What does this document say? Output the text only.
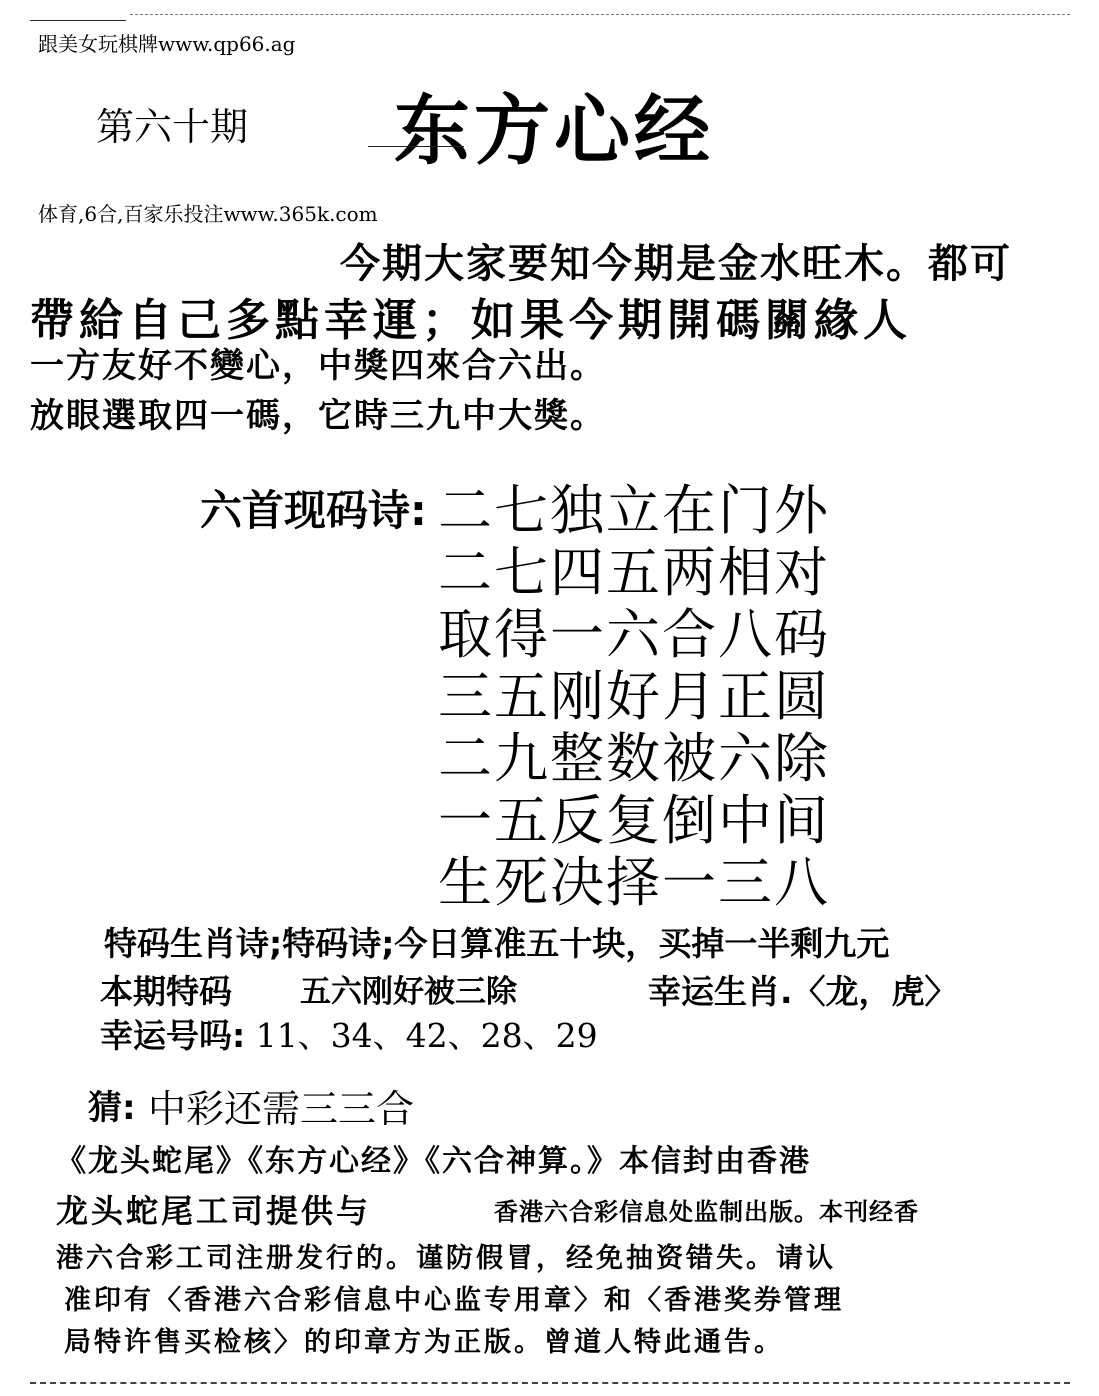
跟美女玩棋牌www.qp66.ag
第六十期 东方心经
体育,6合,百家乐投注www.365k.com
今期大家要知今期是金水旺木。都可
帶給自己多點幸運；如果今期開碼關緣人
一方友好不變心，中獎四來合六出。
放眼選取四一碼，它時三九中大獎。
六首现码诗: 二七独立在门外
二七四五两相对
取得一六合八码
三五刚好月正圆
二九整数被六除
一五反复倒中间
生死决择一三八
特码生肖诗;特码诗;今日算准五十块，买掉一半剩九元
本期特码 五六刚好被三除	幸运生肖.〈龙，虎〉
幸运号吗: 11、34、42、28、29
猜: 中彩还需三三合
《龙头蛇尾》《东方心经》《六合神算。》本信封由香港
龙头蛇尾工司提供与	香港六合彩信息处监制出版。本刊经香
港六合彩工司注册发行的。谨防假冒，经免抽资错失。请认
准印有〈香港六合彩信息中心监专用章〉和〈香港奖券管理
局特许售买检核〉的印章方为正版。曾道人特此通告。
